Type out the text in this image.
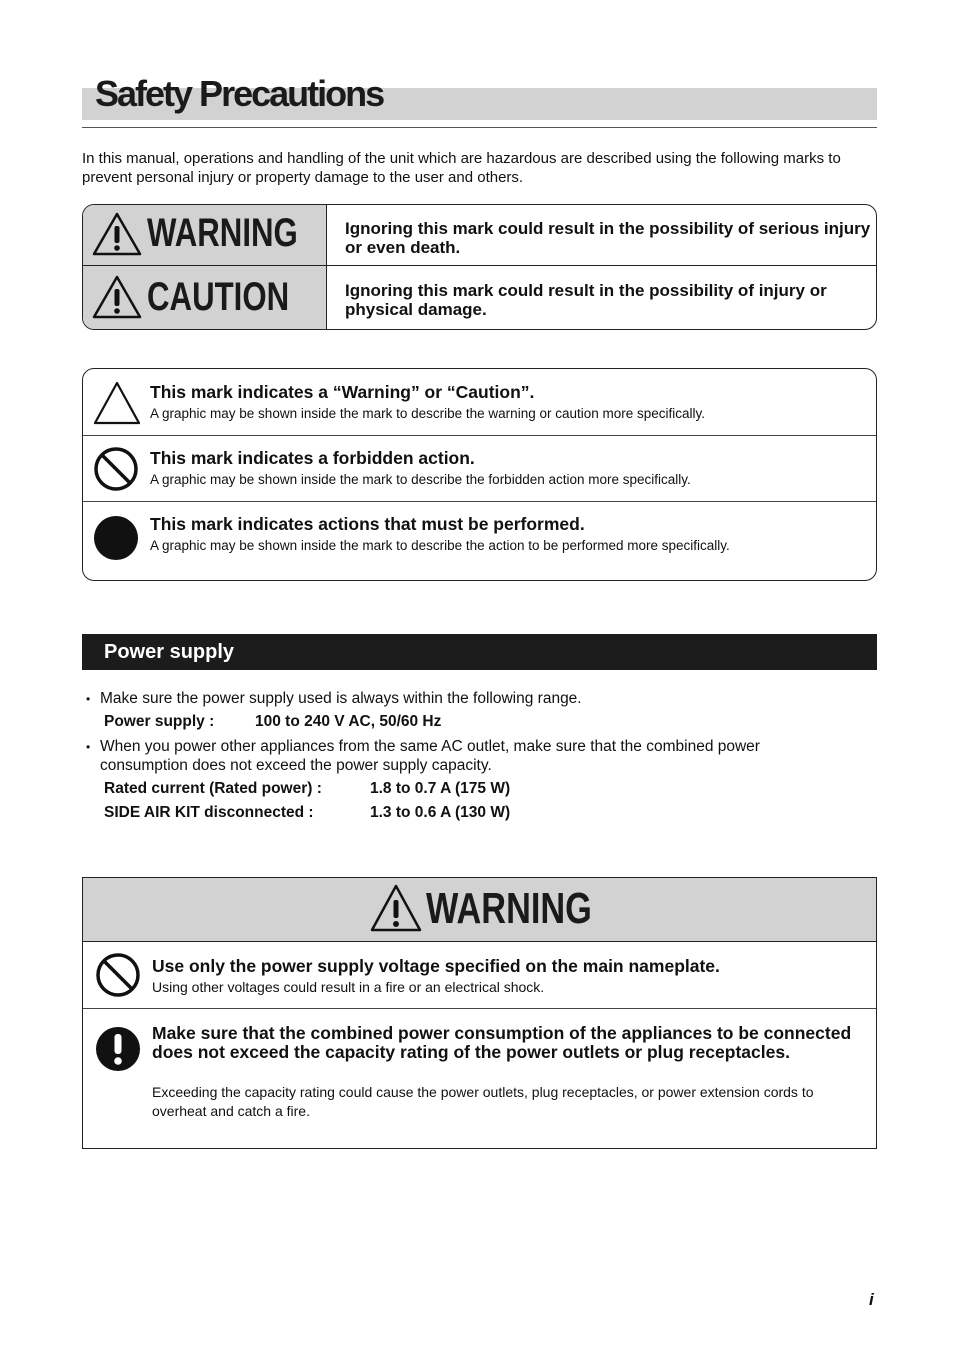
Safety Precautions
In this manual, operations and handling of the unit which are hazardous are described using the following marks to prevent personal injury or property damage to the user and others.
WARNING	Ignoring this mark could result in the possibility of serious injury or even death.
CAUTION	Ignoring this mark could result in the possibility of injury or physical damage.
This mark indicates a “Warning” or “Caution”.
A graphic may be shown inside the mark to describe the warning or caution more specifically.
This mark indicates a forbidden action.
A graphic may be shown inside the mark to describe the forbidden action more specifically.
This mark indicates actions that must be performed.
A graphic may be shown inside the mark to describe the action to be performed more specifically.
Power supply
• Make sure the power supply used is always within the following range.
Power supply :	100 to 240 V AC, 50/60 Hz
• When you power other appliances from the same AC outlet, make sure that the combined power
consumption does not exceed the power supply capacity.
Rated current (Rated power) :	1.8 to 0.7 A (175 W)
SIDE AIR KIT disconnected :	1.3 to 0.6 A (130 W)
WARNING
Use only the power supply voltage specified on the main nameplate.
Using other voltages could result in a fire or an electrical shock.
Make sure that the combined power consumption of the appliances to be connected does not exceed the capacity rating of the power outlets or plug receptacles.
Exceeding the capacity rating could cause the power outlets, plug receptacles, or power extension cords to overheat and catch a fire.
i
